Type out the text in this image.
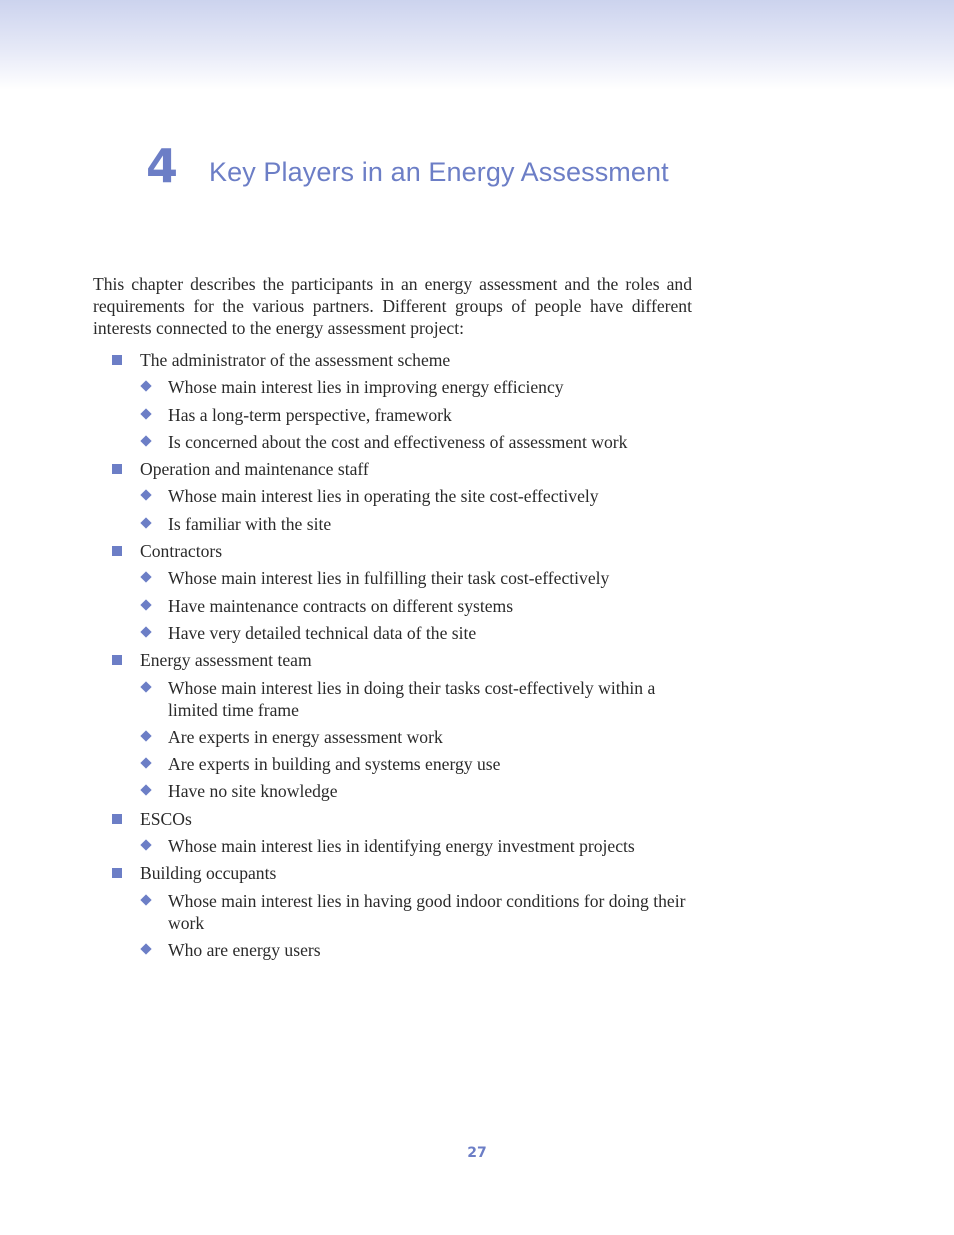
4 Key Players in an Energy Assessment

This chapter describes the participants in an energy assessment and the roles and requirements for the various partners. Different groups of people have different interests connected to the energy assessment project:

The administrator of the assessment scheme
Whose main interest lies in improving energy efficiency
Has a long-term perspective, framework
Is concerned about the cost and effectiveness of assessment work
Operation and maintenance staff
Whose main interest lies in operating the site cost-effectively
Is familiar with the site
Contractors
Whose main interest lies in fulfilling their task cost-effectively
Have maintenance contracts on different systems
Have very detailed technical data of the site
Energy assessment team
Whose main interest lies in doing their tasks cost-effectively within a limited time frame
Are experts in energy assessment work
Are experts in building and systems energy use
Have no site knowledge
ESCOs
Whose main interest lies in identifying energy investment projects
Building occupants
Whose main interest lies in having good indoor conditions for doing their work
Who are energy users
27
